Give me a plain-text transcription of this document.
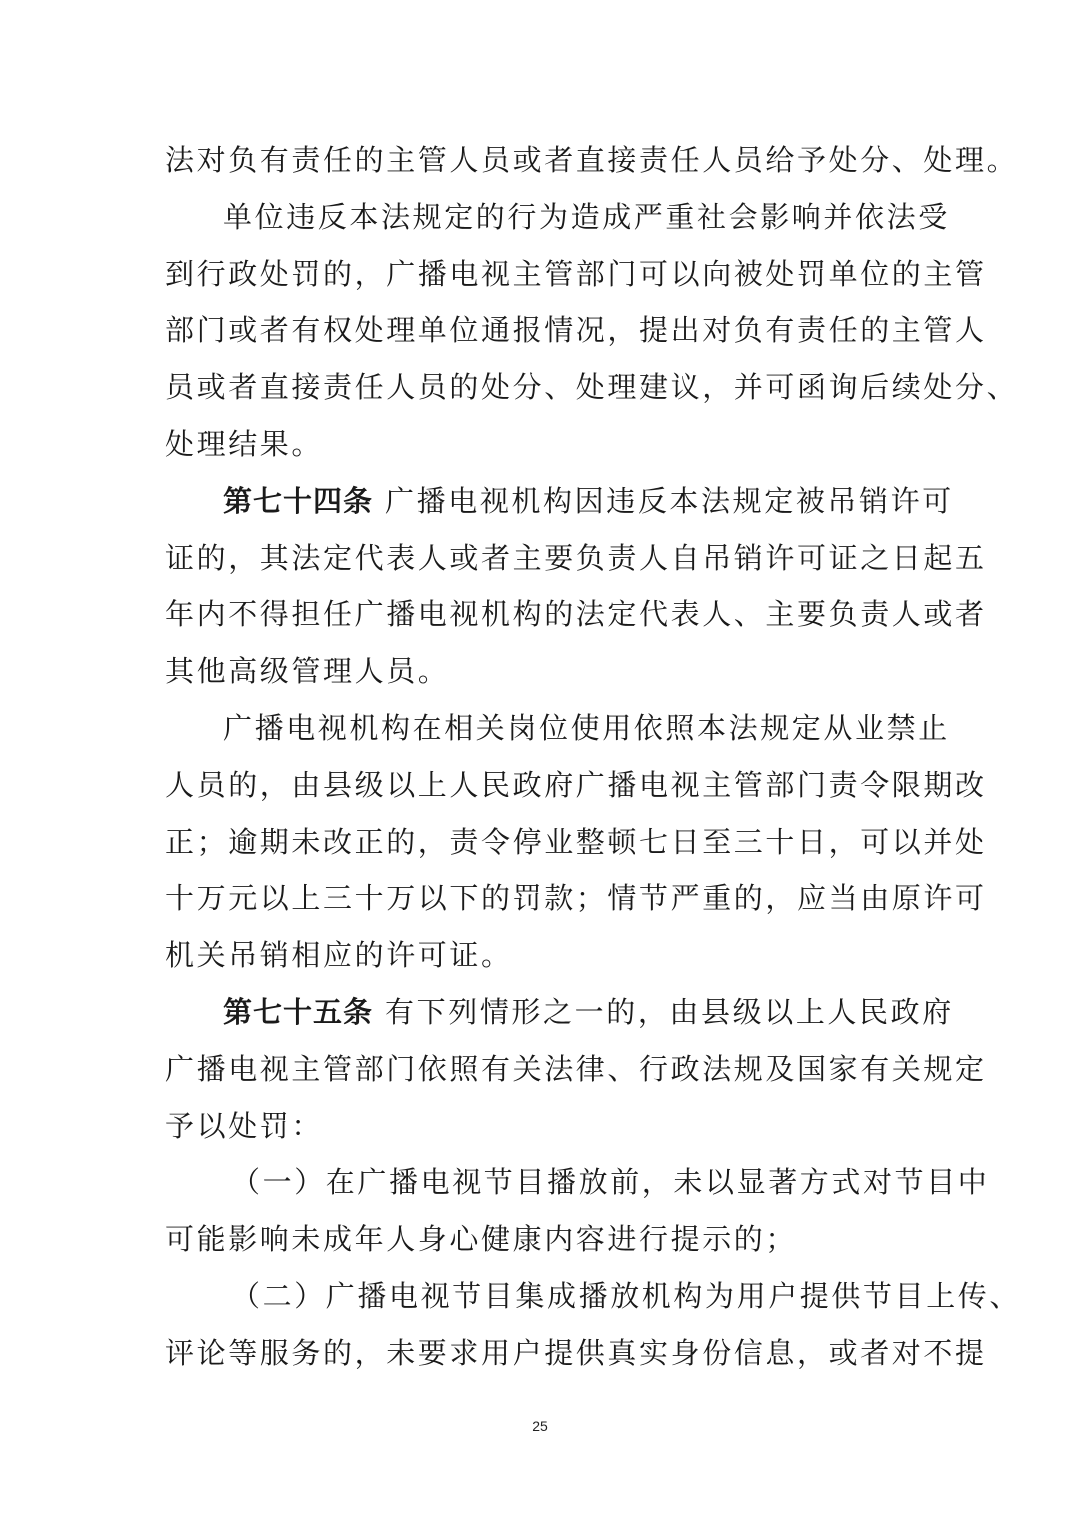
法对负有责任的主管人员或者直接责任人员给予处分、处理。
单位违反本法规定的行为造成严重社会影响并依法受
到行政处罚的，广播电视主管部门可以向被处罚单位的主管
部门或者有权处理单位通报情况，提出对负有责任的主管人
员或者直接责任人员的处分、处理建议，并可函询后续处分、
处理结果。
第七十四条 广播电视机构因违反本法规定被吊销许可
证的，其法定代表人或者主要负责人自吊销许可证之日起五
年内不得担任广播电视机构的法定代表人、主要负责人或者
其他高级管理人员。
广播电视机构在相关岗位使用依照本法规定从业禁止
人员的，由县级以上人民政府广播电视主管部门责令限期改
正；逾期未改正的，责令停业整顿七日至三十日，可以并处
十万元以上三十万以下的罚款；情节严重的，应当由原许可
机关吊销相应的许可证。
第七十五条 有下列情形之一的，由县级以上人民政府
广播电视主管部门依照有关法律、行政法规及国家有关规定
予以处罚：
（一）在广播电视节目播放前，未以显著方式对节目中
可能影响未成年人身心健康内容进行提示的；
（二）广播电视节目集成播放机构为用户提供节目上传、
评论等服务的，未要求用户提供真实身份信息，或者对不提
25
